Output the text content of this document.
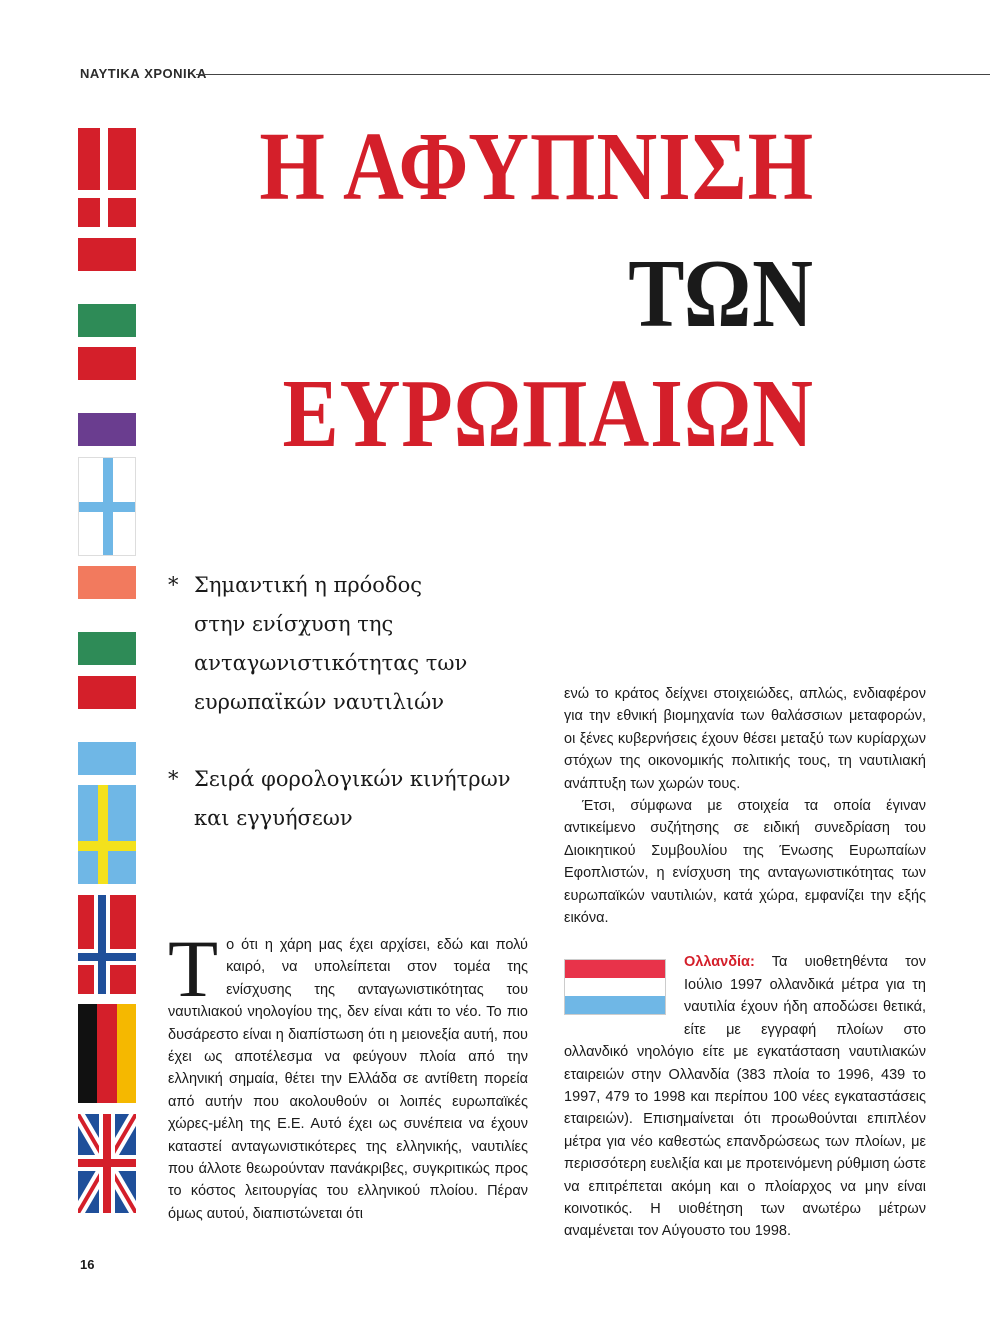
ΝΑΥΤΙΚΑ ΧΡΟΝΙΚΑ
Η ΑΦΥΠΝΙΣΗ
ΤΩΝ
ΕΥΡΩΠΑΙΩΝ
* Σημαντική η πρόοδος

στην ενίσχυση της

ανταγωνιστικότητας των

ευρωπαϊκών ναυτιλιών

* Σειρά φορολογικών κινήτρων

και εγγυήσεων

Τ ο ότι η χάρη μας έχει αρχίσει, εδώ και πολύ καιρό, να υπολείπεται στον τομέα της ενίσχυσης της ανταγωνιστικότητας του ναυτιλιακού νηολογίου της, δεν είναι κάτι το νέο. Το πιο δυσάρεστο είναι η διαπίστωση ότι η μειονεξία αυτή, που έχει ως αποτέλεσμα να φεύγουν πλοία από την ελληνική σημαία, θέτει την Ελλάδα σε αντίθετη πορεία από αυτήν που ακολουθούν οι λοιπές ευρωπαϊκές χώρες-μέλη της Ε.Ε. Αυτό έχει ως συνέπεια να έχουν καταστεί ανταγωνιστικότερες της ελληνικής, ναυτιλίες που άλλοτε θεωρούνταν πανάκριβες, συγκριτικώς προς το κόστος λειτουργίας του ελληνικού πλοίου. Πέραν όμως αυτού, διαπιστώνεται ότι

ενώ το κράτος δείχνει στοιχειώδες, απλώς, ενδιαφέρον για την εθνική βιομηχανία των θαλάσσιων μεταφορών, οι ξένες κυβερνήσεις έχουν θέσει μεταξύ των κυρίαρχων στόχων της οικονομικής πολιτικής τους, τη ναυτιλιακή ανάπτυξη των χωρών τους.

Έτσι, σύμφωνα με στοιχεία τα οποία έγιναν αντικείμενο συζήτησης σε ειδική συνεδρίαση του Διοικητικού Συμβουλίου της Ένωσης Ευρωπαίων Εφοπλιστών, η ενίσχυση της ανταγωνιστικότητας των ευρωπαϊκών ναυτιλιών, κατά χώρα, εμφανίζει την εξής εικόνα.

Ολλανδία: Τα υιοθετηθέντα τον Ιούλιο 1997 ολλανδικά μέτρα για τη ναυτιλία έχουν ήδη αποδώσει θετικά, είτε με εγγραφή πλοίων στο ολλανδικό νηολόγιο είτε με εγκατάσταση ναυτιλιακών εταιρειών στην Ολλανδία (383 πλοία το 1996, 439 το 1997, 479 το 1998 και περίπου 100 νέες εγκαταστάσεις εταιρειών). Επισημαίνεται ότι προωθούνται επιπλέον μέτρα για νέο καθεστώς επανδρώσεως των πλοίων, με περισσότερη ευελιξία και με προτεινόμενη ρύθμιση ώστε να επιτρέπεται ακόμη και ο πλοίαρχος να μην είναι κοινοτικός. Η υιοθέτηση των ανωτέρω μέτρων αναμένεται τον Αύγουστο του 1998.

16
